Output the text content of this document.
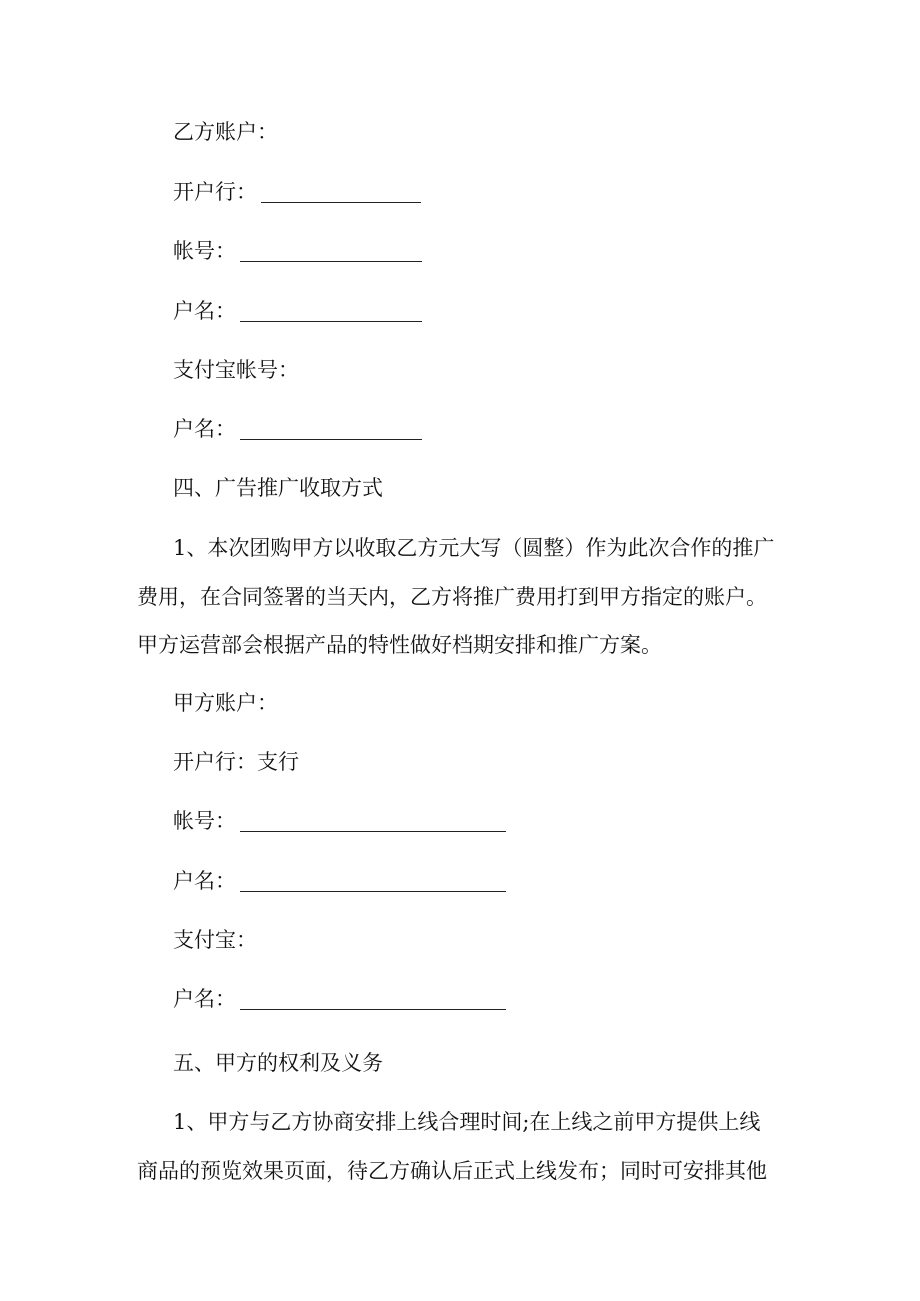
乙方账户：
开户行：
帐号：
户名：
支付宝帐号：
户名：
四、广告推广收取方式
1、本次团购甲方以收取乙方元大写（圆整）作为此次合作的推广
费用，在合同签署的当天内，乙方将推广费用打到甲方指定的账户。
甲方运营部会根据产品的特性做好档期安排和推广方案。
甲方账户：
开户行：支行
帐号：
户名：
支付宝：
户名：
五、甲方的权利及义务
1、甲方与乙方协商安排上线合理时间;在上线之前甲方提供上线
商品的预览效果页面，待乙方确认后正式上线发布；同时可安排其他
